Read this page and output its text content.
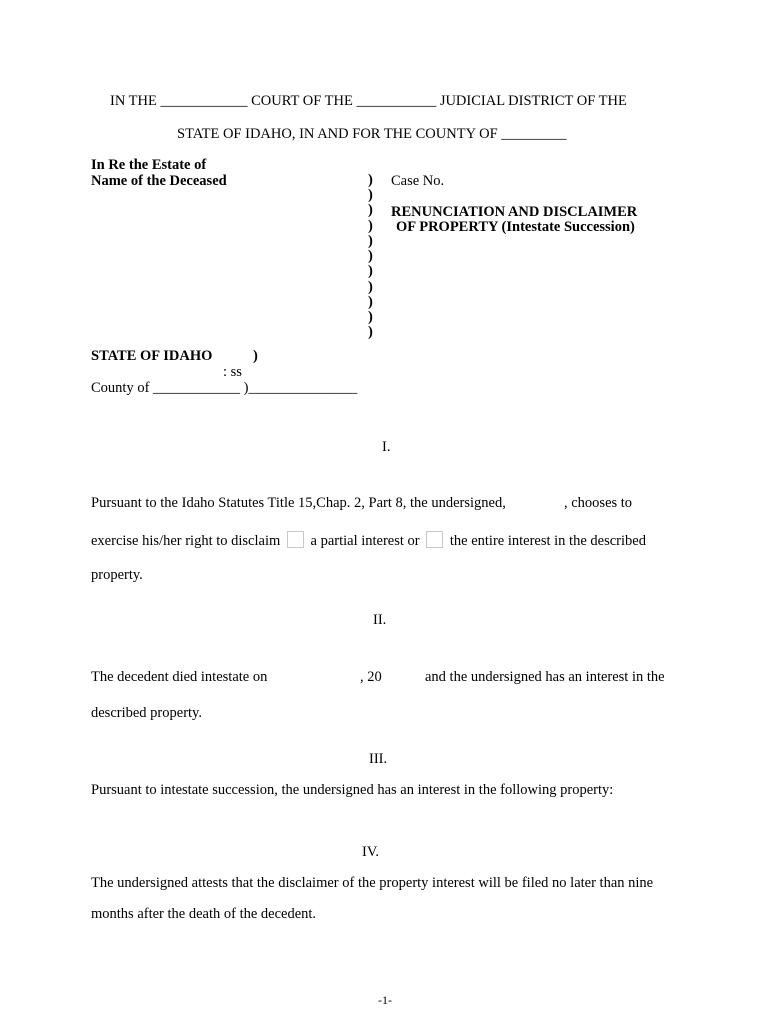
IN THE ____________ COURT OF THE ___________ JUDICIAL DISTRICT OF THE
STATE OF IDAHO, IN AND FOR THE COUNTY OF _________
In Re the Estate of
Name of the Deceased	)
)
)
)
)
)
)
)
)
)
)
Case No.
RENUNCIATION AND DISCLAIMER
OF PROPERTY (Intestate Succession)
STATE OF IDAHO	)
: ss
County of ____________ )_______________
I.
Pursuant to the Idaho Statutes Title 15,Chap. 2, Part 8, the undersigned,	, chooses to
exercise his/her right to disclaim a partial interest or the entire interest in the described
property.
II.
The decedent died intestate on	, 20	and the undersigned has an interest in the
described property.
III.
Pursuant to intestate succession, the undersigned has an interest in the following property:
IV.
The undersigned attests that the disclaimer of the property interest will be filed no later than nine
months after the death of the decedent.
-1-
